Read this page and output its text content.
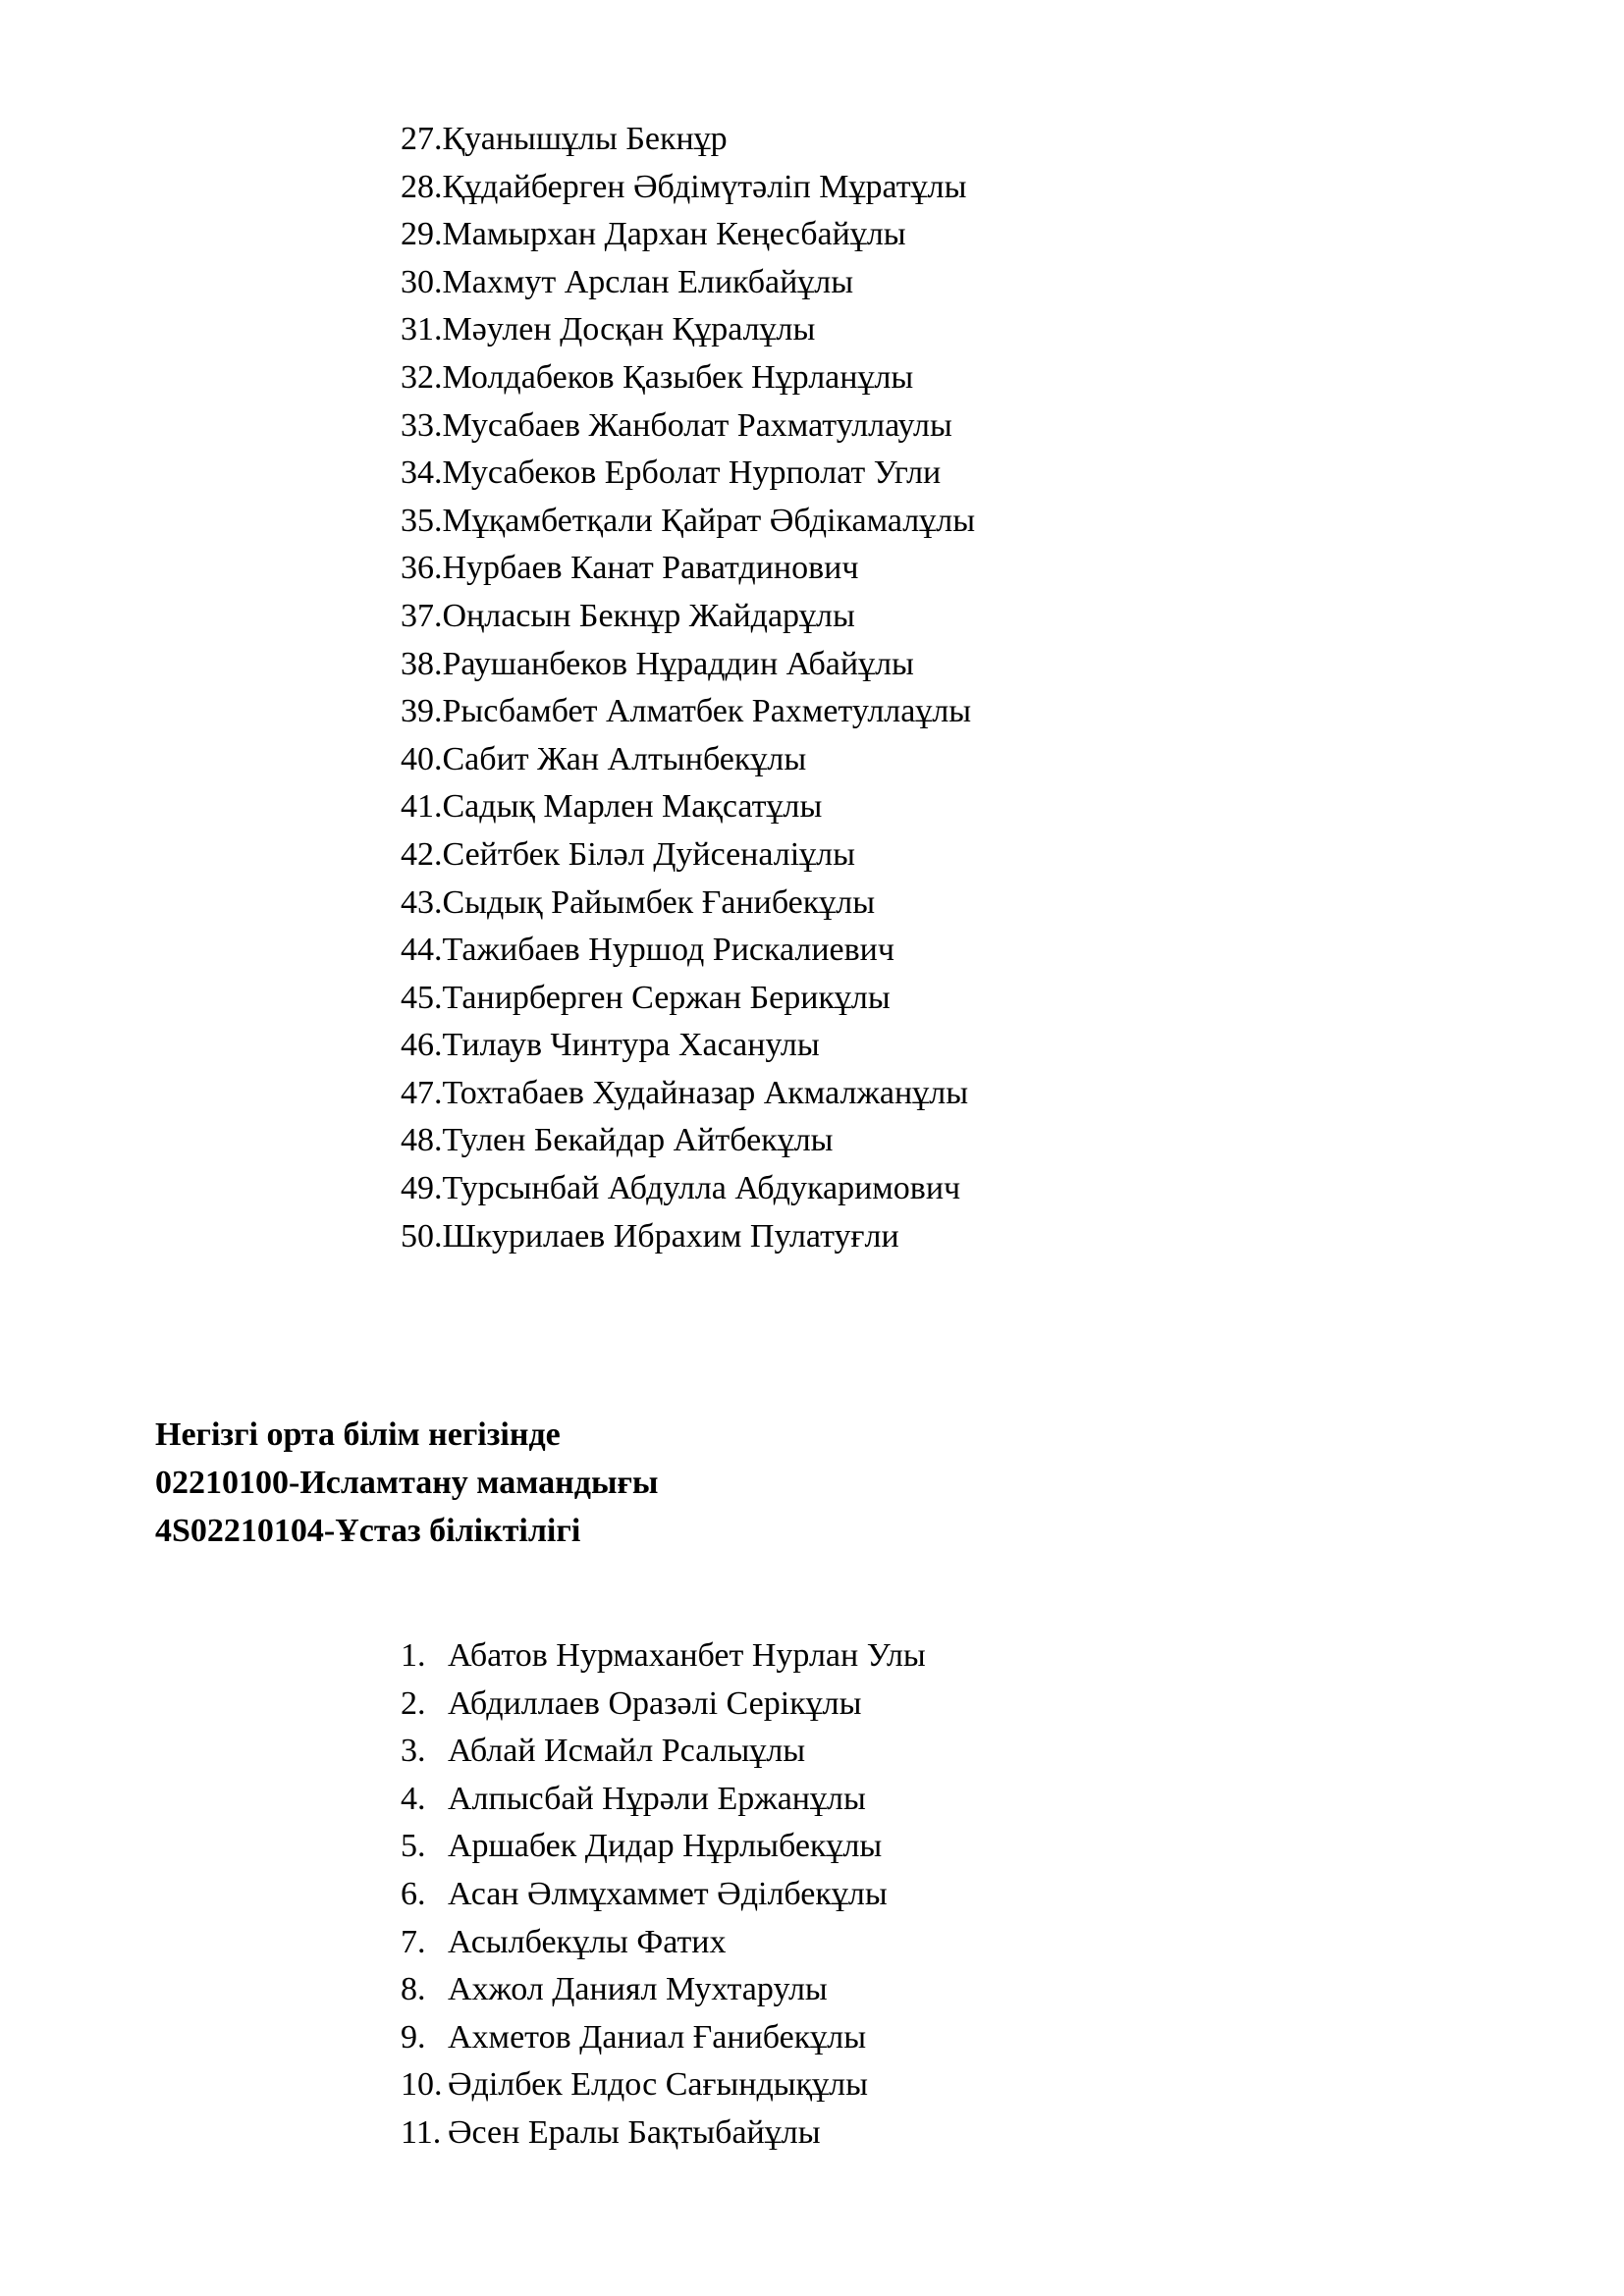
27. Қуанышұлы Бекнұр
28. Құдайберген Әбдімүтәліп Мұратұлы
29. Мамырхан Дархан Кеңесбайұлы
30. Махмут Арслан Еликбайұлы
31. Мәулен Досқан Құралұлы
32. Молдабеков Қазыбек Нұрланұлы
33. Мусабаев Жанболат Рахматуллаулы
34. Мусабеков Ерболат Нурполат Угли
35. Мұқамбетқали Қайрат Әбдікамалұлы
36. Нурбаев Канат Раватдинович
37. Оңласын Бекнұр Жайдарұлы
38. Раушанбеков Нұраддин Абайұлы
39. Рысбамбет Алматбек Рахметуллаұлы
40. Сабит Жан Алтынбекұлы
41. Садық Марлен Мақсатұлы
42. Сейтбек Біләл Дуйсеналіұлы
43. Сыдық Райымбек Ғанибекұлы
44. Тажибаев Нуршод Рискалиевич
45. Танирберген Сержан Берикұлы
46. Тилаув Чинтура Хасанулы
47. Тохтабаев Худайназар Акмалжанұлы
48. Тулен Бекайдар Айтбекұлы
49. Турсынбай Абдулла Абдукаримович
50. Шкурилаев Ибрахим Пулатуғли
Негізгі орта білім негізінде
02210100-Исламтану мамандығы
4S02210104-Ұстаз біліктілігі
1. Абатов Нурмаханбет Нурлан Улы
2. Абдиллаев Оразәлі Серікұлы
3. Аблай Исмайл Рсалыұлы
4. Алпысбай Нұрәли Ержанұлы
5. Аршабек Дидар Нұрлыбекұлы
6. Асан Әлмұхаммет Әділбекұлы
7. Асылбекұлы Фатих
8. Ахжол Даниял Мухтарулы
9. Ахметов Даниал Ғанибекұлы
10. Әділбек Елдос Сағындықұлы
11. Әсен Ералы Бақтыбайұлы
